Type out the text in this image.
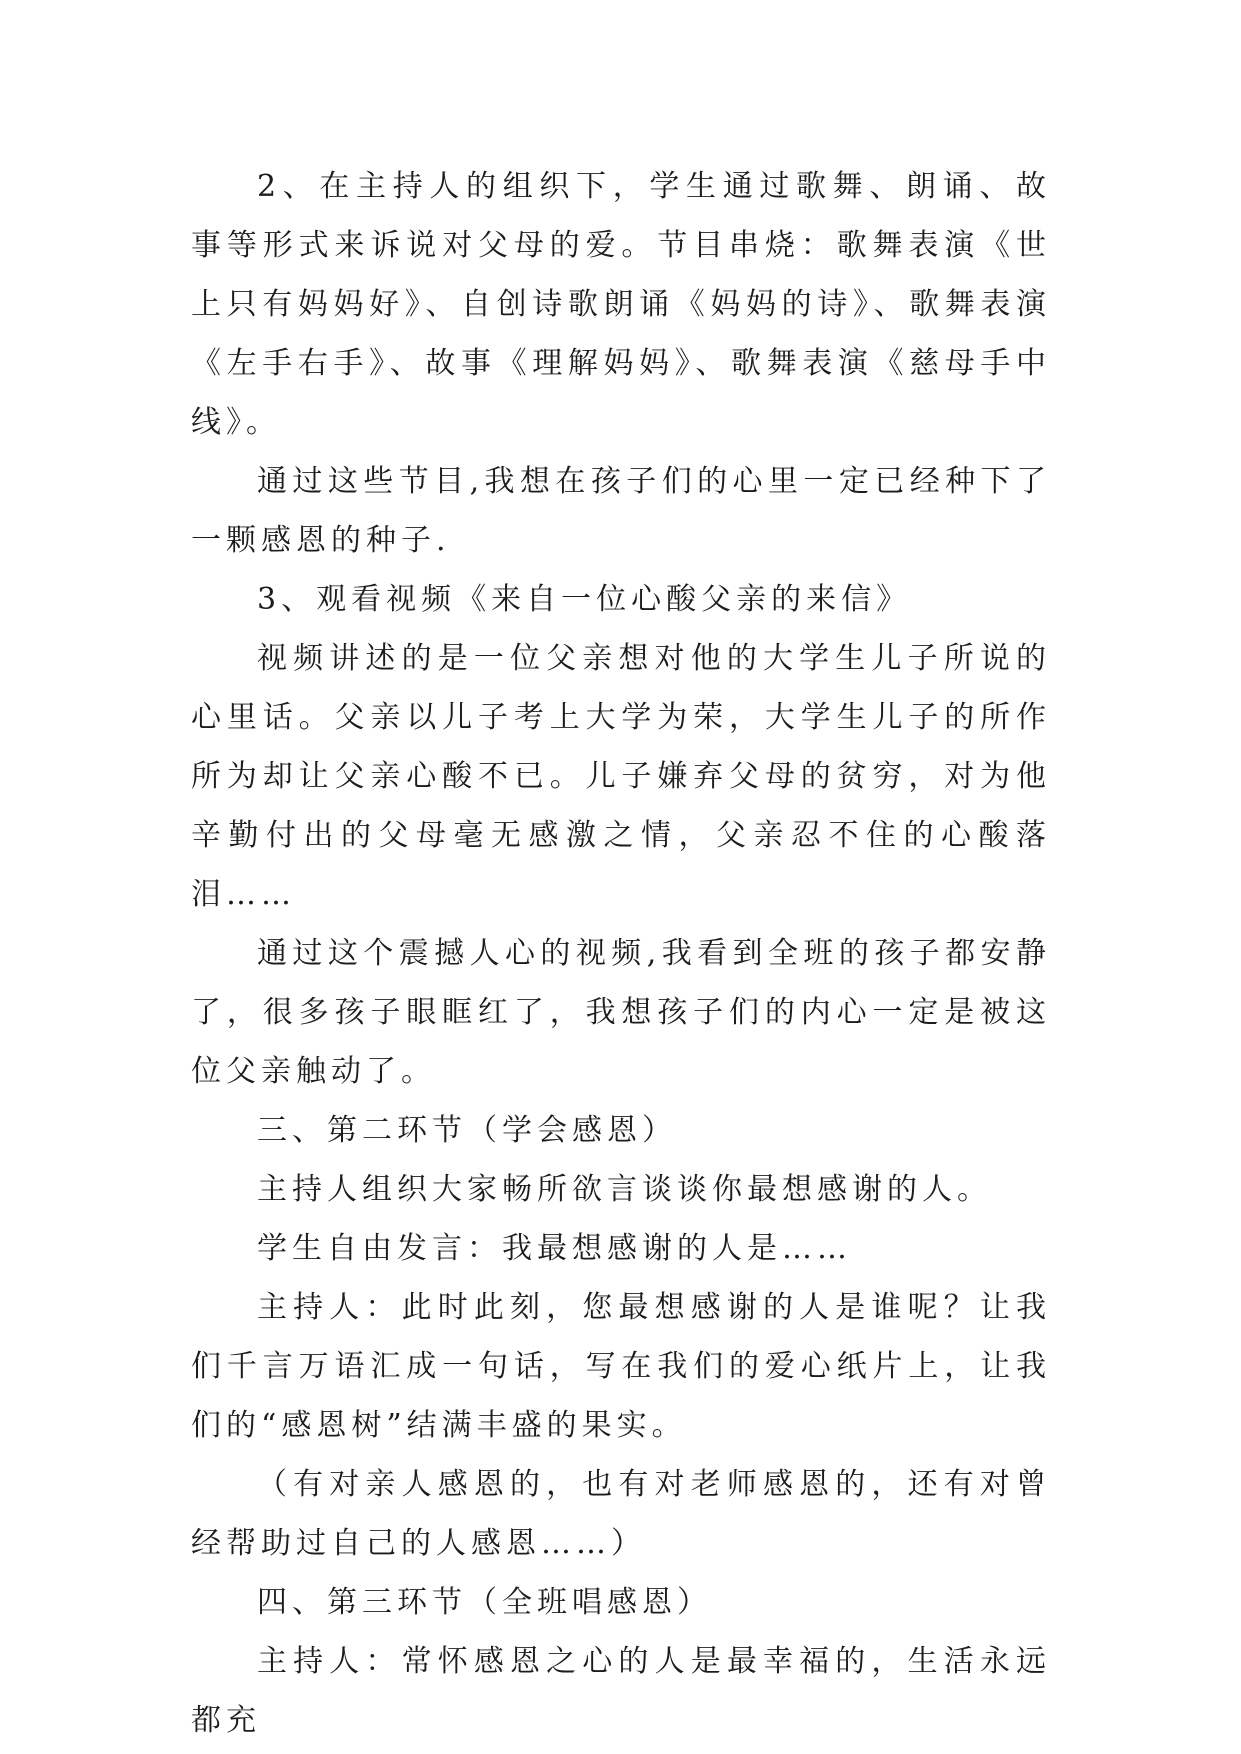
2、在主持人的组织下，学生通过歌舞、朗诵、故事等形式来诉说对父母的爱。节目串烧：歌舞表演《世上只有妈妈好》、自创诗歌朗诵《妈妈的诗》、歌舞表演《左手右手》、故事《理解妈妈》、歌舞表演《慈母手中线》。

通过这些节目,我想在孩子们的心里一定已经种下了一颗感恩的种子.

3、观看视频《来自一位心酸父亲的来信》

视频讲述的是一位父亲想对他的大学生儿子所说的心里话。父亲以儿子考上大学为荣，大学生儿子的所作所为却让父亲心酸不已。儿子嫌弃父母的贫穷，对为他辛勤付出的父母毫无感激之情，父亲忍不住的心酸落泪……

通过这个震撼人心的视频,我看到全班的孩子都安静了，很多孩子眼眶红了，我想孩子们的内心一定是被这位父亲触动了。

三、第二环节（学会感恩）

主持人组织大家畅所欲言谈谈你最想感谢的人。

学生自由发言：我最想感谢的人是……

主持人：此时此刻，您最想感谢的人是谁呢？让我们千言万语汇成一句话，写在我们的爱心纸片上，让我们的“感恩树”结满丰盛的果实。

（有对亲人感恩的，也有对老师感恩的，还有对曾经帮助过自己的人感恩……）

四、第三环节（全班唱感恩）

主持人：常怀感恩之心的人是最幸福的，生活永远都充
